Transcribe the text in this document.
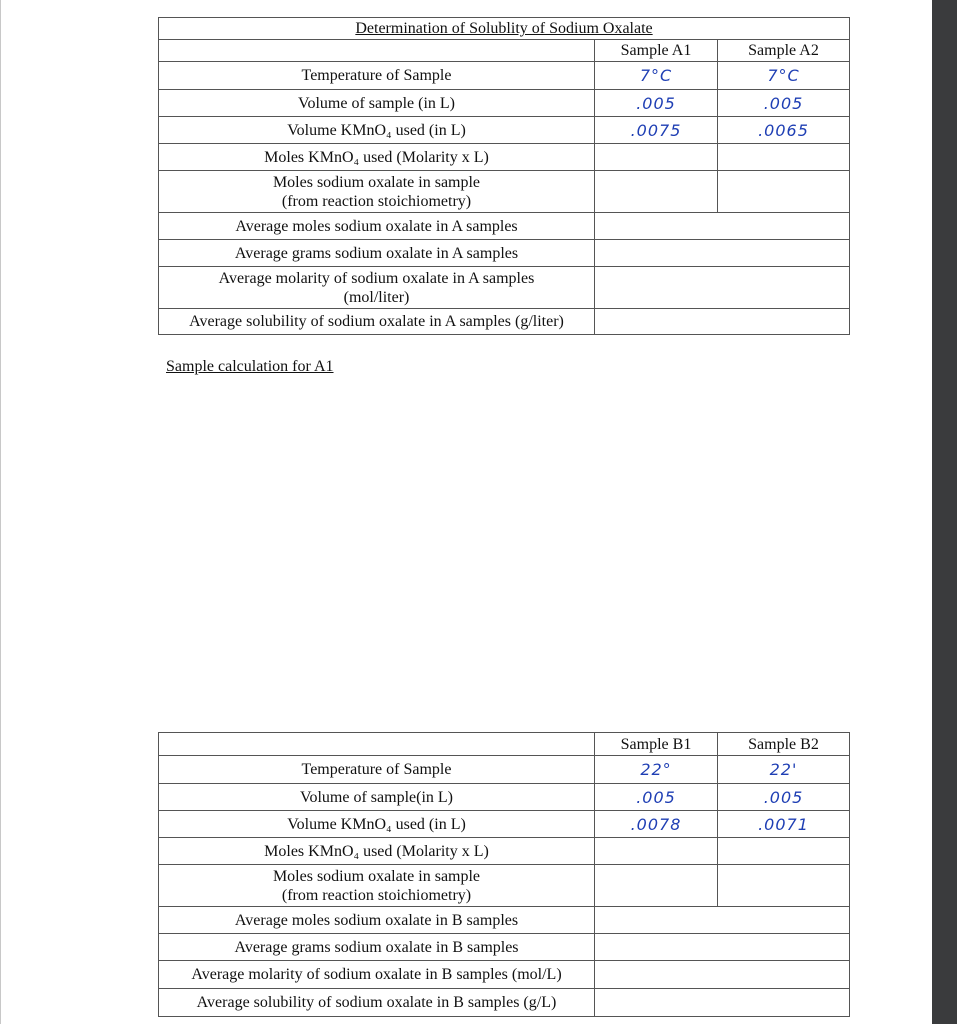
Determination of Solublity of Sodium Oxalate		
	Sample A1	Sample A2
Temperature of Sample	7°C	7°C
Volume of sample (in L)	.005	.005
Volume KMnO₄ used (in L)	.0075	.0065
Moles KMnO₄ used (Molarity x L)		

Moles sodium oxalate in sample
(from reaction stoichiometry)		

Average moles sodium oxalate in A samples		
Average grams sodium oxalate in A samples		

Average molarity of sodium oxalate in A samples
(mol/liter)		

Average solubility of sodium oxalate in A samples (g/liter)		
Sample calculation for A1
	Sample B1	Sample B2
Temperature of Sample	22°	22'
Volume of sample(in L)	.005	.005
Volume KMnO₄ used (in L)	.0078	.0071
Moles KMnO₄ used (Molarity x L)		

Moles sodium oxalate in sample
(from reaction stoichiometry)		

Average moles sodium oxalate in B samples		
Average grams sodium oxalate in B samples		
Average molarity of sodium oxalate in B samples (mol/L)		
Average solubility of sodium oxalate in B samples (g/L)		
